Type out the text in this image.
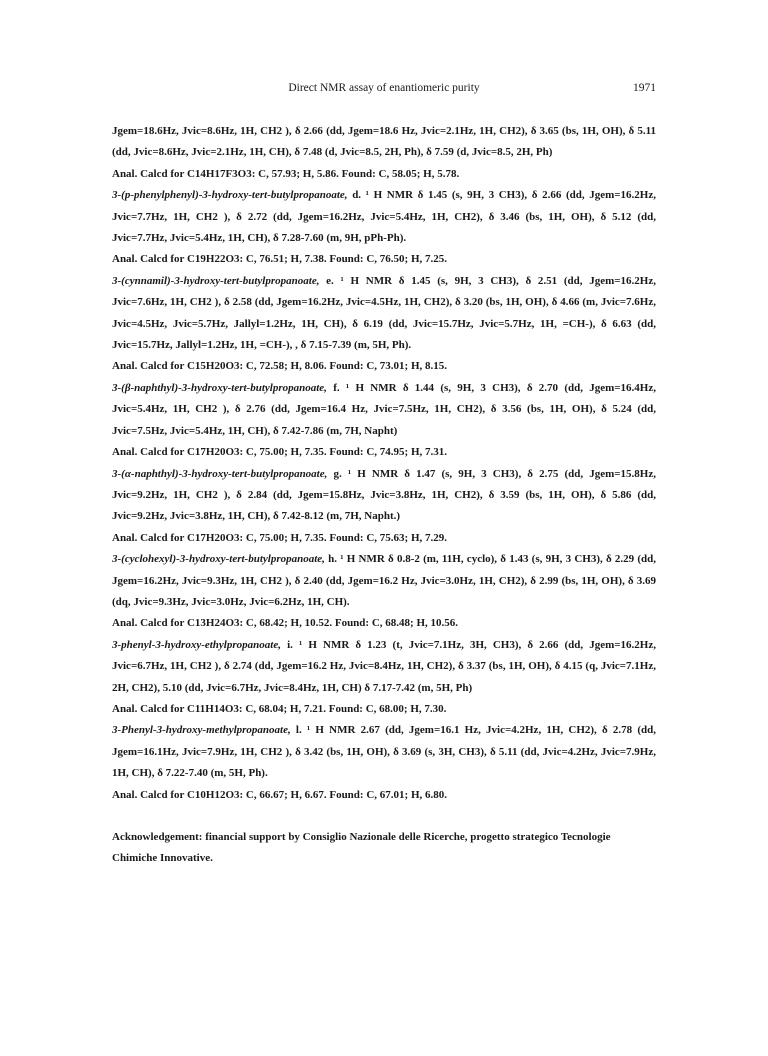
Direct NMR assay of enantiomeric purity	1971

Jgem=18.6Hz, Jvic=8.6Hz, 1H, CH2 ), δ 2.66 (dd, Jgem=18.6 Hz, Jvic=2.1Hz, 1H, CH2), δ 3.65 (bs, 1H, OH), δ 5.11 (dd, Jvic=8.6Hz, Jvic=2.1Hz, 1H, CH), δ 7.48 (d, Jvic=8.5, 2H, Ph), δ 7.59 (d, Jvic=8.5, 2H, Ph)

Anal. Calcd for C14H17F3O3: C, 57.93; H, 5.86. Found: C, 58.05; H, 5.78.

3-(p-phenylphenyl)-3-hydroxy-tert-butylpropanoate, d. ¹ H NMR δ 1.45 (s, 9H, 3 CH3), δ 2.66 (dd, Jgem=16.2Hz, Jvic=7.7Hz, 1H, CH2 ), δ 2.72 (dd, Jgem=16.2Hz, Jvic=5.4Hz, 1H, CH2), δ 3.46 (bs, 1H, OH), δ 5.12 (dd, Jvic=7.7Hz, Jvic=5.4Hz, 1H, CH), δ 7.28-7.60 (m, 9H, pPh-Ph).

Anal. Calcd for C19H22O3: C, 76.51; H, 7.38. Found: C, 76.50; H, 7.25.

3-(cynnamil)-3-hydroxy-tert-butylpropanoate, e. ¹ H NMR δ 1.45 (s, 9H, 3 CH3), δ 2.51 (dd, Jgem=16.2Hz, Jvic=7.6Hz, 1H, CH2 ), δ 2.58 (dd, Jgem=16.2Hz, Jvic=4.5Hz, 1H, CH2), δ 3.20 (bs, 1H, OH), δ 4.66 (m, Jvic=7.6Hz, Jvic=4.5Hz, Jvic=5.7Hz, Jallyl=1.2Hz, 1H, CH), δ 6.19 (dd, Jvic=15.7Hz, Jvic=5.7Hz, 1H, =CH-), δ 6.63 (dd, Jvic=15.7Hz, Jallyl=1.2Hz, 1H, =CH-), , δ 7.15-7.39 (m, 5H, Ph).

Anal. Calcd for C15H20O3: C, 72.58; H, 8.06. Found: C, 73.01; H, 8.15.

3-(β-naphthyl)-3-hydroxy-tert-butylpropanoate, f. ¹ H NMR δ 1.44 (s, 9H, 3 CH3), δ 2.70 (dd, Jgem=16.4Hz, Jvic=5.4Hz, 1H, CH2 ), δ 2.76 (dd, Jgem=16.4 Hz, Jvic=7.5Hz, 1H, CH2), δ 3.56 (bs, 1H, OH), δ 5.24 (dd, Jvic=7.5Hz, Jvic=5.4Hz, 1H, CH), δ 7.42-7.86 (m, 7H, Napht)

Anal. Calcd for C17H20O3: C, 75.00; H, 7.35. Found: C, 74.95; H, 7.31.

3-(α-naphthyl)-3-hydroxy-tert-butylpropanoate, g. ¹ H NMR δ 1.47 (s, 9H, 3 CH3), δ 2.75 (dd, Jgem=15.8Hz, Jvic=9.2Hz, 1H, CH2 ), δ 2.84 (dd, Jgem=15.8Hz, Jvic=3.8Hz, 1H, CH2), δ 3.59 (bs, 1H, OH), δ 5.86 (dd, Jvic=9.2Hz, Jvic=3.8Hz, 1H, CH), δ 7.42-8.12 (m, 7H, Napht.)

Anal. Calcd for C17H20O3: C, 75.00; H, 7.35. Found: C, 75.63; H, 7.29.

3-(cyclohexyl)-3-hydroxy-tert-butylpropanoate, h. ¹ H NMR δ 0.8-2 (m, 11H, cyclo), δ 1.43 (s, 9H, 3 CH3), δ 2.29 (dd, Jgem=16.2Hz, Jvic=9.3Hz, 1H, CH2 ), δ 2.40 (dd, Jgem=16.2 Hz, Jvic=3.0Hz, 1H, CH2), δ 2.99 (bs, 1H, OH), δ 3.69 (dq, Jvic=9.3Hz, Jvic=3.0Hz, Jvic=6.2Hz, 1H, CH).

Anal. Calcd for C13H24O3: C, 68.42; H, 10.52. Found: C, 68.48; H, 10.56.

3-phenyl-3-hydroxy-ethylpropanoate, i. ¹ H NMR δ 1.23 (t, Jvic=7.1Hz, 3H, CH3), δ 2.66 (dd, Jgem=16.2Hz, Jvic=6.7Hz, 1H, CH2 ), δ 2.74 (dd, Jgem=16.2 Hz, Jvic=8.4Hz, 1H, CH2), δ 3.37 (bs, 1H, OH), δ 4.15 (q, Jvic=7.1Hz, 2H, CH2), 5.10 (dd, Jvic=6.7Hz, Jvic=8.4Hz, 1H, CH) δ 7.17-7.42 (m, 5H, Ph)

Anal. Calcd for C11H14O3: C, 68.04; H, 7.21. Found: C, 68.00; H, 7.30.

3-Phenyl-3-hydroxy-methylpropanoate, l. ¹ H NMR 2.67 (dd, Jgem=16.1 Hz, Jvic=4.2Hz, 1H, CH2), δ 2.78 (dd, Jgem=16.1Hz, Jvic=7.9Hz, 1H, CH2 ), δ 3.42 (bs, 1H, OH), δ 3.69 (s, 3H, CH3), δ 5.11 (dd, Jvic=4.2Hz, Jvic=7.9Hz, 1H, CH), δ 7.22-7.40 (m, 5H, Ph).

Anal. Calcd for C10H12O3: C, 66.67; H, 6.67. Found: C, 67.01; H, 6.80.

Acknowledgement: financial support by Consiglio Nazionale delle Ricerche, progetto strategico Tecnologie Chimiche Innovative.
